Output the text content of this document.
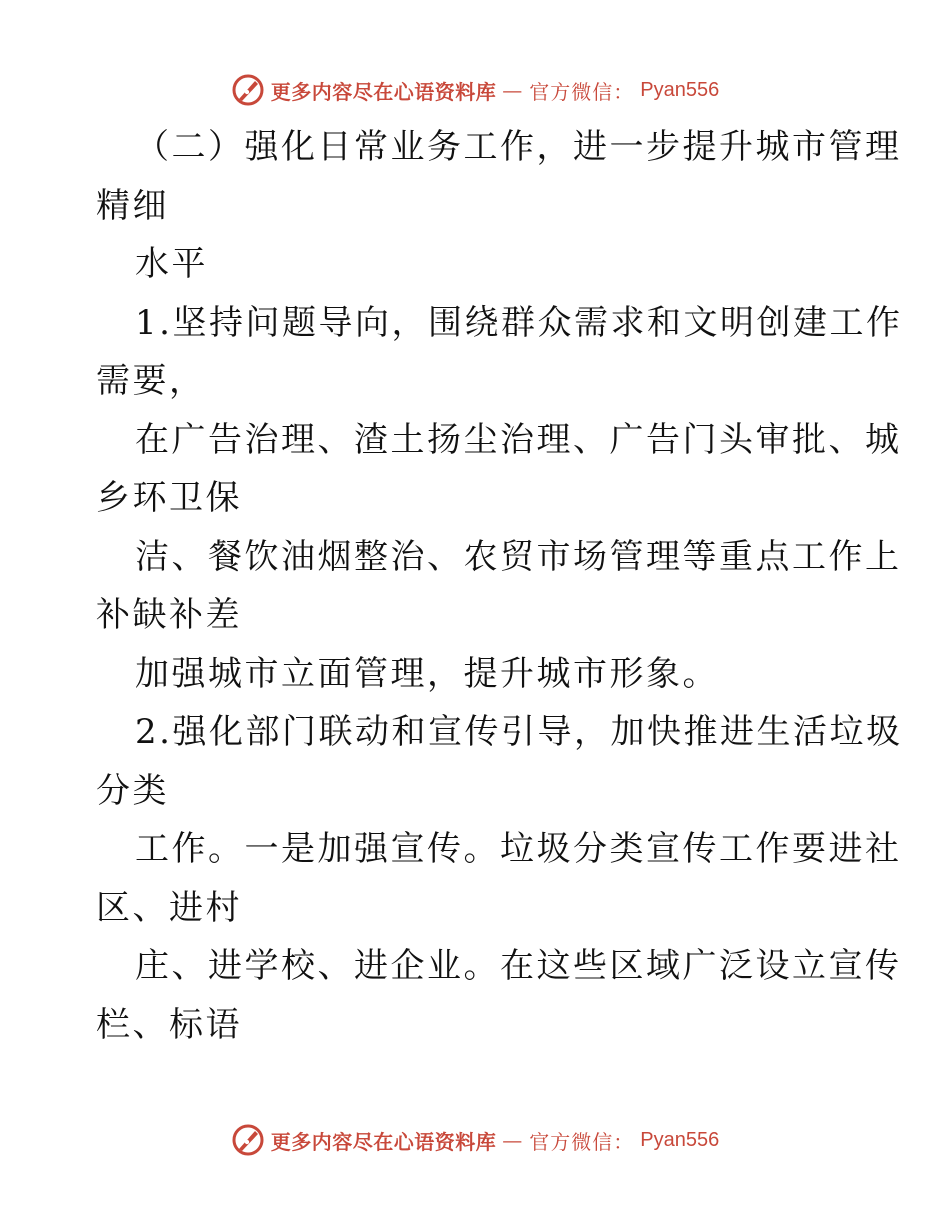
更多内容尽在心语资料库 — 官方微信： Pyan556
（二）强化日常业务工作，进一步提升城市管理
精细
水平
1.坚持问题导向，围绕群众需求和文明创建工作
需要，
在广告治理、渣土扬尘治理、广告门头审批、城
乡环卫保
洁、餐饮油烟整治、农贸市场管理等重点工作上
补缺补差
加强城市立面管理，提升城市形象。
2.强化部门联动和宣传引导，加快推进生活垃圾
分类
工作。一是加强宣传。垃圾分类宣传工作要进社
区、进村
庄、进学校、进企业。在这些区域广泛设立宣传
栏、标语
更多内容尽在心语资料库 — 官方微信： Pyan556
